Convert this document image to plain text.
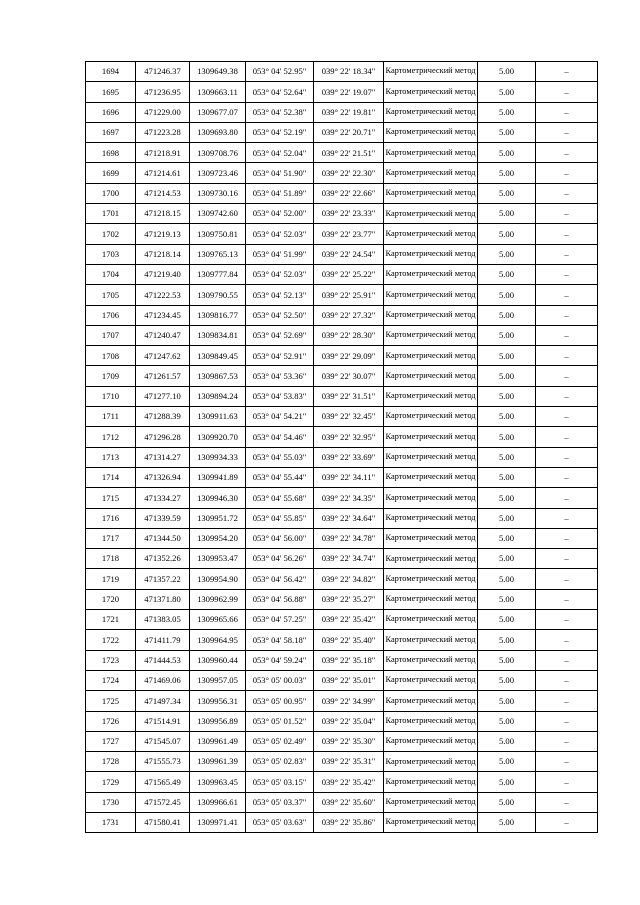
1694	471246.37	1309649.38	053° 04' 52.95"	039° 22' 18.34"	Картометрический метод	5.00	–
1695	471236.95	1309663.11	053° 04' 52.64"	039° 22' 19.07"	Картометрический метод	5.00	–
1696	471229.00	1309677.07	053° 04' 52.38"	039° 22' 19.81"	Картометрический метод	5.00	–
1697	471223.28	1309693.80	053° 04' 52.19"	039° 22' 20.71"	Картометрический метод	5.00	–
1698	471218.91	1309708.76	053° 04' 52.04"	039° 22' 21.51"	Картометрический метод	5.00	–
1699	471214.61	1309723.46	053° 04' 51.90"	039° 22' 22.30"	Картометрический метод	5.00	–
1700	471214.53	1309730.16	053° 04' 51.89"	039° 22' 22.66"	Картометрический метод	5.00	–
1701	471218.15	1309742.60	053° 04' 52.00"	039° 22' 23.33"	Картометрический метод	5.00	–
1702	471219.13	1309750.81	053° 04' 52.03"	039° 22' 23.77"	Картометрический метод	5.00	–
1703	471218.14	1309765.13	053° 04' 51.99"	039° 22' 24.54"	Картометрический метод	5.00	–
1704	471219.40	1309777.84	053° 04' 52.03"	039° 22' 25.22"	Картометрический метод	5.00	–
1705	471222.53	1309790.55	053° 04' 52.13"	039° 22' 25.91"	Картометрический метод	5.00	–
1706	471234.45	1309816.77	053° 04' 52.50"	039° 22' 27.32"	Картометрический метод	5.00	–
1707	471240.47	1309834.81	053° 04' 52.69"	039° 22' 28.30"	Картометрический метод	5.00	–
1708	471247.62	1309849.45	053° 04' 52.91"	039° 22' 29.09"	Картометрический метод	5.00	–
1709	471261.57	1309867.53	053° 04' 53.36"	039° 22' 30.07"	Картометрический метод	5.00	–
1710	471277.10	1309894.24	053° 04' 53.83"	039° 22' 31.51"	Картометрический метод	5.00	–
1711	471288.39	1309911.63	053° 04' 54.21"	039° 22' 32.45"	Картометрический метод	5.00	–
1712	471296.28	1309920.70	053° 04' 54.46"	039° 22' 32.95"	Картометрический метод	5.00	–
1713	471314.27	1309934.33	053° 04' 55.03"	039° 22' 33.69"	Картометрический метод	5.00	–
1714	471326.94	1309941.89	053° 04' 55.44"	039° 22' 34.11"	Картометрический метод	5.00	–
1715	471334.27	1309946.30	053° 04' 55.68"	039° 22' 34.35"	Картометрический метод	5.00	–
1716	471339.59	1309951.72	053° 04' 55.85"	039° 22' 34.64"	Картометрический метод	5.00	–
1717	471344.50	1309954.20	053° 04' 56.00"	039° 22' 34.78"	Картометрический метод	5.00	–
1718	471352.26	1309953.47	053° 04' 56.26"	039° 22' 34.74"	Картометрический метод	5.00	–
1719	471357.22	1309954.90	053° 04' 56.42"	039° 22' 34.82"	Картометрический метод	5.00	–
1720	471371.80	1309962.99	053° 04' 56.88"	039° 22' 35.27"	Картометрический метод	5.00	–
1721	471383.05	1309965.66	053° 04' 57.25"	039° 22' 35.42"	Картометрический метод	5.00	–
1722	471411.79	1309964.95	053° 04' 58.18"	039° 22' 35.40"	Картометрический метод	5.00	–
1723	471444.53	1309960.44	053° 04' 59.24"	039° 22' 35.18"	Картометрический метод	5.00	–
1724	471469.06	1309957.05	053° 05' 00.03"	039° 22' 35.01"	Картометрический метод	5.00	–
1725	471497.34	1309956.31	053° 05' 00.95"	039° 22' 34.99"	Картометрический метод	5.00	–
1726	471514.91	1309956.89	053° 05' 01.52"	039° 22' 35.04"	Картометрический метод	5.00	–
1727	471545.07	1309961.49	053° 05' 02.49"	039° 22' 35.30"	Картометрический метод	5.00	–
1728	471555.73	1309961.39	053° 05' 02.83"	039° 22' 35.31"	Картометрический метод	5.00	–
1729	471565.49	1309963.45	053° 05' 03.15"	039° 22' 35.42"	Картометрический метод	5.00	–
1730	471572.45	1309966.61	053° 05' 03.37"	039° 22' 35.60"	Картометрический метод	5.00	–
1731	471580.41	1309971.41	053° 05' 03.63"	039° 22' 35.86"	Картометрический метод	5.00	–
